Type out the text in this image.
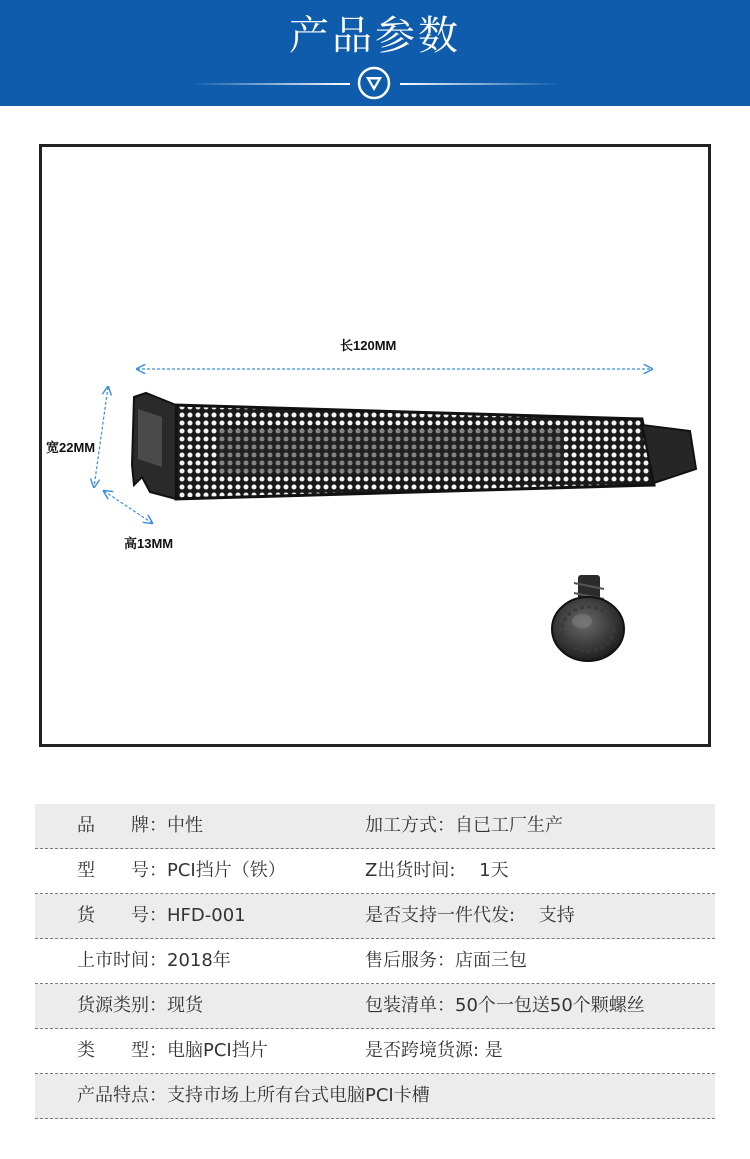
产品参数
长120MM
宽22MM
高13MM
品　　牌：中性	加工方式：自已工厂生产
型　　号：PCI挡片（铁）	Z出货时间:　 1天
货　　号：HFD-001	是否支持一件代发:　 支持
上市时间：2018年	售后服务：店面三包
货源类别：现货	包装清单：50个一包送50个颗螺丝
类　　型：电脑PCI挡片	是否跨境货源: 是
产品特点：支持市场上所有台式电脑PCI卡槽
